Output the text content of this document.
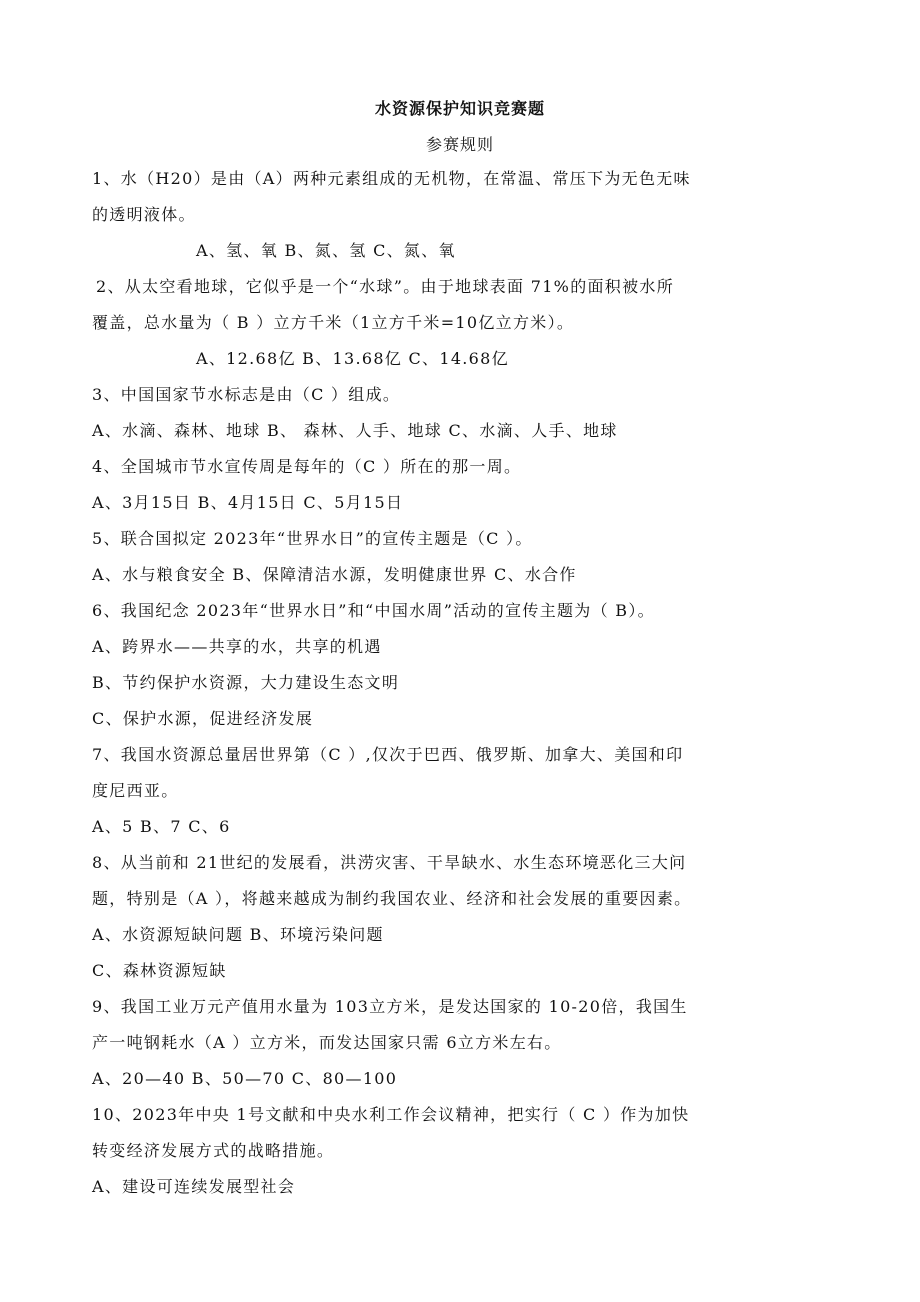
水资源保护知识竞赛题
参赛规则
1、水（H20）是由（A）两种元素组成的无机物，在常温、常压下为无色无味
的透明液体。
A、氢、氧 B、氮、氢 C、氮、氧
2、从太空看地球，它似乎是一个“水球”。由于地球表面 71%的面积被水所
覆盖，总水量为（ B ）立方千米（1立方千米=10亿立方米）。
A、12.68亿 B、13.68亿 C、14.68亿
3、中国国家节水标志是由（C ）组成。
A、水滴、森林、地球 B、 森林、人手、地球 C、水滴、人手、地球
4、全国城市节水宣传周是每年的（C ）所在的那一周。
A、3月15日 B、4月15日 C、5月15日
5、联合国拟定 2023年“世界水日”的宣传主题是（C ）。
A、水与粮食安全 B、保障清洁水源，发明健康世界 C、水合作
6、我国纪念 2023年“世界水日”和“中国水周”活动的宣传主题为（ B）。
A、跨界水——共享的水，共享的机遇
B、节约保护水资源，大力建设生态文明
C、保护水源，促进经济发展
7、我国水资源总量居世界第（C ）,仅次于巴西、俄罗斯、加拿大、美国和印
度尼西亚。
A、5 B、7 C、6
8、从当前和 21世纪的发展看，洪涝灾害、干旱缺水、水生态环境恶化三大问
题，特别是（A ），将越来越成为制约我国农业、经济和社会发展的重要因素。
A、水资源短缺问题 B、环境污染问题
C、森林资源短缺
9、我国工业万元产值用水量为 103立方米，是发达国家的 10-20倍，我国生
产一吨钢耗水（A ）立方米，而发达国家只需 6立方米左右。
A、20—40 B、50—70 C、80—100
10、2023年中央 1号文献和中央水利工作会议精神，把实行（ C ）作为加快
转变经济发展方式的战略措施。
A、建设可连续发展型社会
